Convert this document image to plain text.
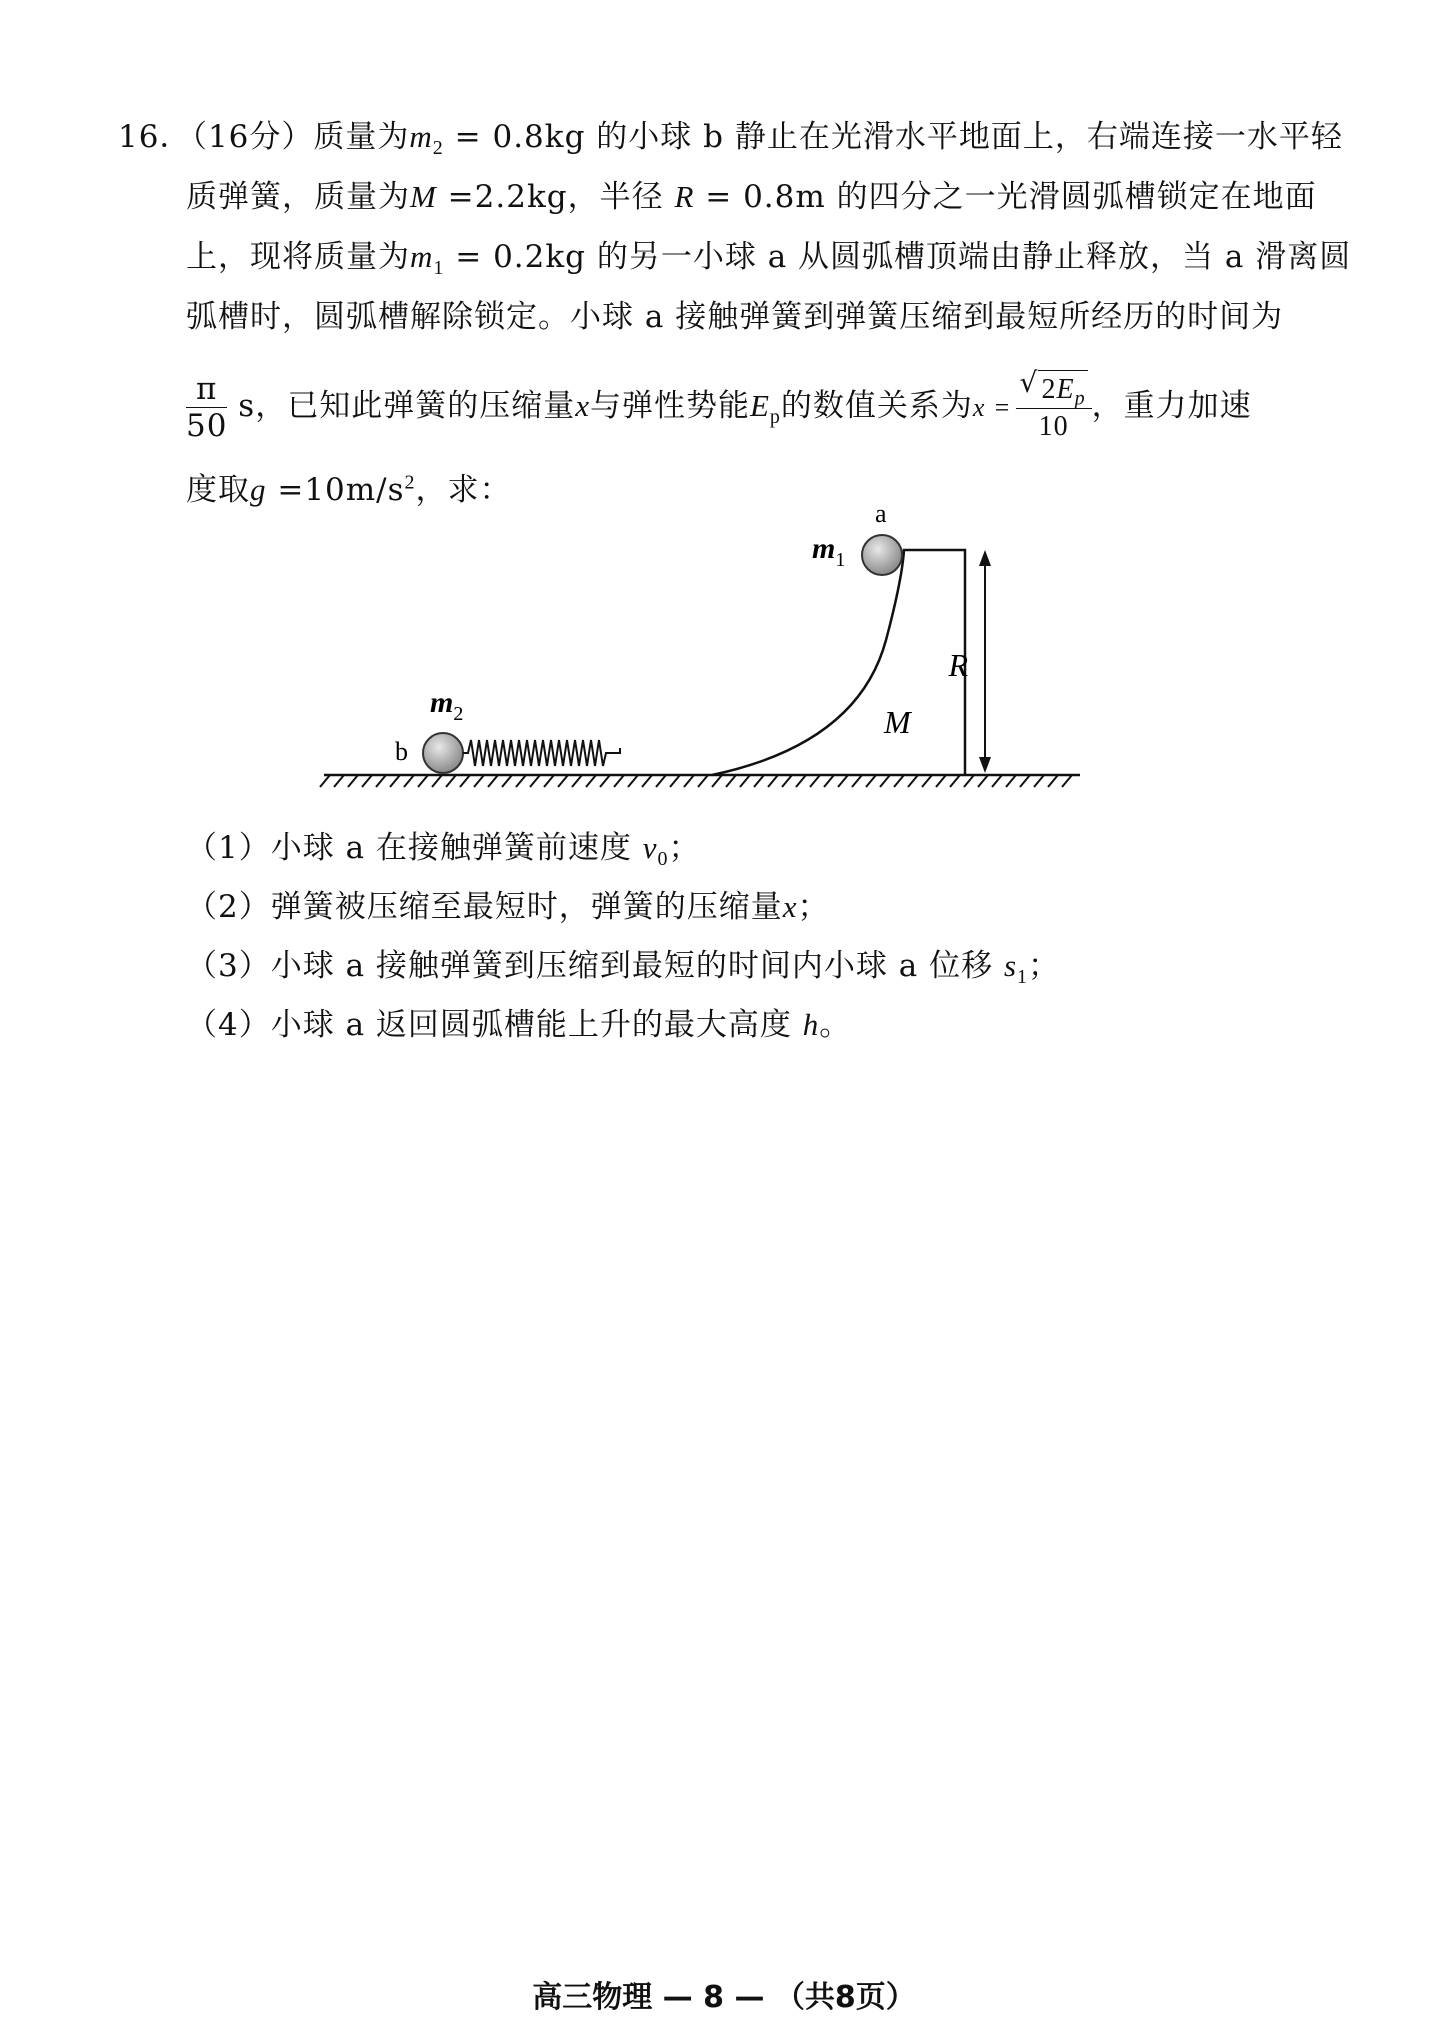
16．（16分）质量为$m_2 = 0.8kg$ 的小球 b 静止在光滑水平地面上，右端连接一水平轻
质弹簧，质量为M =2.2kg，半径 R = 0.8m 的四分之一光滑圆弧槽锁定在地面
上，现将质量为$m_1 = 0.2kg$ 的另一小球 a 从圆弧槽顶端由静止释放，当 a 滑离圆
弧槽时，圆弧槽解除锁定。小球 a 接触弹簧到弹簧压缩到最短所经历的时间为
$\frac{\pi}{50}$ s，已知此弹簧的压缩量x与弹性势能$E_p$的数值关系为x =
√ $\frac{2E_p}{10}$ ，重力加速
度取$g =10m/s^2$，求：
a
$m_1$
R
M
$m_2$
b
（1）小球 a 在接触弹簧前速度 $v_0$；
（2）弹簧被压缩至最短时，弹簧的压缩量x；
（3）小球 a 接触弹簧到压缩到最短的时间内小球 a 位移 $s_1$；
（4）小球 a 返回圆弧槽能上升的最大高度 h。
高三物理 — 8 — （共8页）
